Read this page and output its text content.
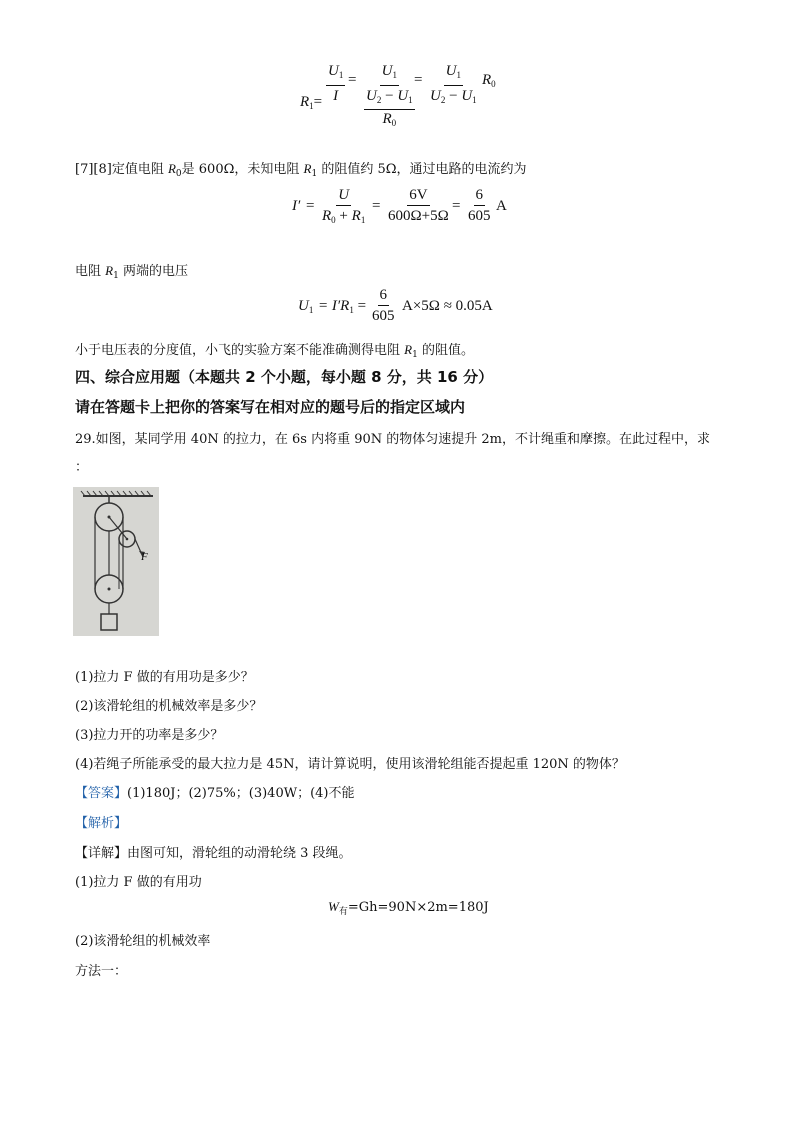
$R_1= \frac{U_1}{I} = U_1$
$U_2 - U_1$
$R_0$
= $\frac{U_1}{U_2 - U_1} R_0$
[7][8]定值电阻 $R_0$是 600Ω，未知电阻 $R_1$ 的阻值约 5Ω，通过电路的电流约为
$I' = \frac{U}{R_0 + R_1} = \frac{6V}{600\Omega+5\Omega} = \frac{6}{605}$ A
电阻 $R_1$ 两端的电压
$U_1 = I'R_1 = \frac{6}{605} A\times 5\Omega \approx 0.05A$
小于电压表的分度值，小飞的实验方案不能准确测得电阻 $R_1$ 的阻值。
四、综合应用题（本题共 2 个小题，每小题 8 分，共 16 分）
请在答题卡上把你的答案写在相对应的题号后的指定区域内
29.如图，某同学用 40N 的拉力，在 6s 内将重 90N 的物体匀速提升 2m，不计绳重和摩擦。在此过程中，求
：
F
(1)拉力 F 做的有用功是多少？
(2)该滑轮组的机械效率是多少？
(3)拉力开的功率是多少？
(4)若绳子所能承受的最大拉力是 45N，请计算说明，使用该滑轮组能否提起重 120N 的物体？
【答案】(1)180J；(2)75%；(3)40W；(4)不能
【解析】
【详解】由图可知，滑轮组的动滑轮绕 3 段绳。
(1)拉力 F 做的有用功
$W_有=Gh=90N\times 2m=180J$
(2)该滑轮组的机械效率
方法一：
